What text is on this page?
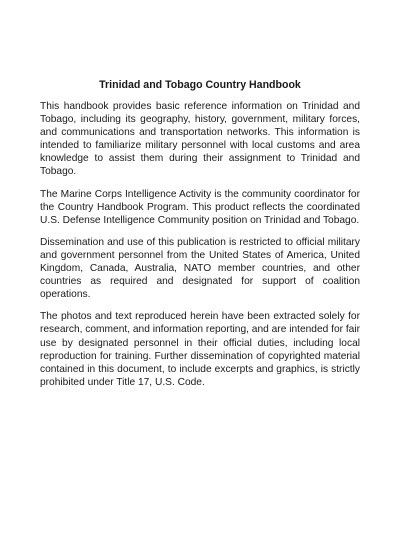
Trinidad and Tobago Country Handbook

This handbook provides basic reference information on Trinidad and Tobago, including its geography, history, government, military forces, and communications and transportation networks. This information is intended to familiarize military personnel with local customs and area knowledge to assist them during their assignment to Trinidad and Tobago.

The Marine Corps Intelligence Activity is the community coordinator for the Country Handbook Program. This product reflects the coordinated U.S. Defense Intelligence Community position on Trinidad and Tobago.

Dissemination and use of this publication is restricted to official military and government personnel from the United States of America, United Kingdom, Canada, Australia, NATO member countries, and other countries as required and designated for support of coalition operations.

The photos and text reproduced herein have been extracted solely for research, comment, and information reporting, and are intended for fair use by designated personnel in their official duties, including local reproduction for training. Further dissemination of copyrighted material contained in this document, to include excerpts and graphics, is strictly prohibited under Title 17, U.S. Code.
